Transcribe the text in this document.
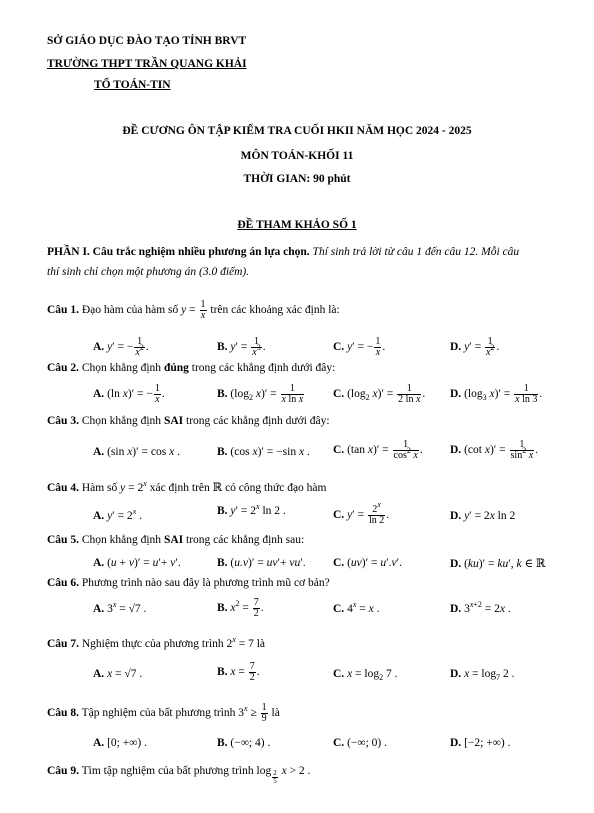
SỞ GIÁO DỤC ĐÀO TẠO TỈNH BRVT
TRƯỜNG THPT TRẦN QUANG KHẢI
TỔ TOÁN-TIN
ĐỀ CƯƠNG ÔN TẬP KIỂM TRA CUỐI HKII NĂM HỌC 2024 - 2025
MÔN TOÁN-KHỐI 11
THỜI GIAN: 90 phút
ĐỀ THAM KHẢO SỐ 1
PHẦN I. Câu trắc nghiệm nhiều phương án lựa chọn. Thí sinh trả lời từ câu 1 đến câu 12. Mỗi câu
thí sinh chỉ chọn một phương án (3.0 điểm).
Câu 1. Đạo hàm của hàm số $y = \frac{1}{x}$ trên các khoảng xác định là:
A. y′ = − $\frac{1}{x^2}$ .	B. $y' = \frac{1}{x^3}$ .	C. y′ = − $\frac{1}{x}$ .	D. $y' = \frac{1}{x^2}$ .
Câu 2. Chọn khẳng định đúng trong các khẳng định dưới đây:
A. (ln x)′ = − $\frac{1}{x}$ .	B. ($\log_2$ $x)' = \frac{1}{\text{x ln x}}$	C. ($\log_2$ $x)' = \frac{1}{\text{2 ln x}}$ . D. ($\log_3$ $x)' = \frac{1}{\text{x ln 3}}$ .
Câu 3. Chọn khẳng định SAI trong các khẳng định dưới đây:
A. (sin x)′ = cos x .	B. (cos x)′ = −sin x . C. (tan $x)' = \frac{1}{\cos^2 x}$ . D. (cot $x)' = \frac{1}{\sin^2 x}$ .
Câu 4. Hàm số $y = 2^x$ xác định trên ℝ có công thức đạo hàm
A. $y' = 2^x$ .	B. $y' = 2^x$ ln 2 .	C. $y' = \frac{2^x}{\ln 2}$ .	D. y′ = 2x ln 2
Câu 5. Chọn khẳng định SAI trong các khẳng định sau:
A. (u + v)′ = u′+ v′.	B. (u.v)′ = uv′+ vu′. C. (uv)′ = u′.v′.	D. (ku)′ = ku′, k ∈ ℝ
Câu 6. Phương trình nào sau đây là phương trình mũ cơ bản?
A. $3^x = √7$ .	B. $x^2 = \frac{7}{2}$ .	C. $4^x = x$ .	D. $3^{x+2} = 2x$ .
Câu 7. Nghiệm thực của phương trình $2^x = 7$ là
A. x = √7 .	B. $x = \frac{7}{2}$ .	C. $x = \log_2 7$ .	D. $x = \log_7 2$ .
Câu 8. Tập nghiệm của bất phương trình $3^x \ge \frac{1}{9}$ là
A. [0; +∞) .	B. (−∞; 4) .	C. (−∞; 0) .	D. [−2; +∞) .
Câu 9. Tìm tập nghiệm của bất phương trình log $_{\frac{2}{5}}$ x > 2 .
